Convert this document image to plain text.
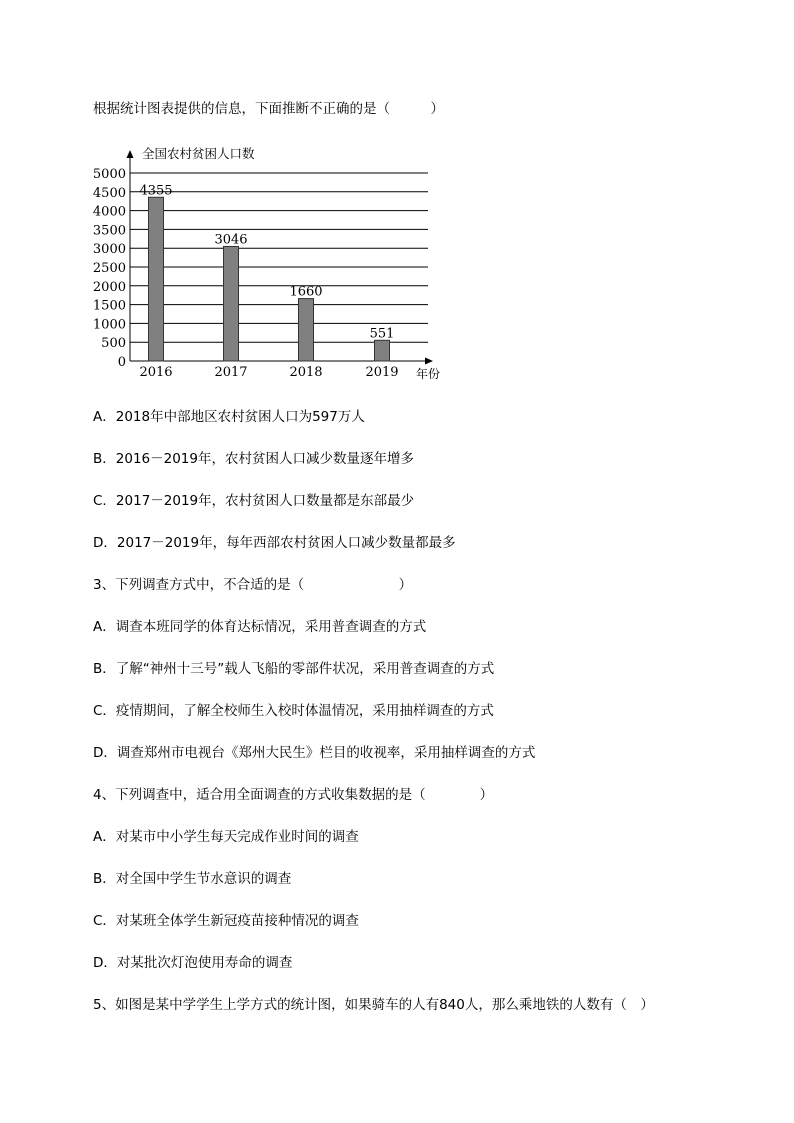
根据统计图表提供的信息，下面推断不正确的是（　　　）
0
500
1000
1500
2000
2500
3000
3500
4000
4500
5000
全国农村贫困人口数
年份
4355
2016
3046
2017
1660
2018
551
2019
A．2018年中部地区农村贫困人口为597万人
B．2016－2019年，农村贫困人口减少数量逐年增多
C．2017－2019年，农村贫困人口数量都是东部最少
D．2017－2019年，每年西部农村贫困人口减少数量都最多
3、下列调查方式中，不合适的是（　　　　　　　）
A．调查本班同学的体育达标情况，采用普查调查的方式
B．了解“神州十三号”载人飞船的零部件状况，采用普查调查的方式
C．疫情期间，了解全校师生入校时体温情况，采用抽样调查的方式
D．调查郑州市电视台《郑州大民生》栏目的收视率，采用抽样调查的方式
4、下列调查中，适合用全面调查的方式收集数据的是（　　　　）
A．对某市中小学生每天完成作业时间的调查
B．对全国中学生节水意识的调查
C．对某班全体学生新冠疫苗接种情况的调查
D．对某批次灯泡使用寿命的调查
5、如图是某中学学生上学方式的统计图，如果骑车的人有840人，那么乘地铁的人数有（　）
